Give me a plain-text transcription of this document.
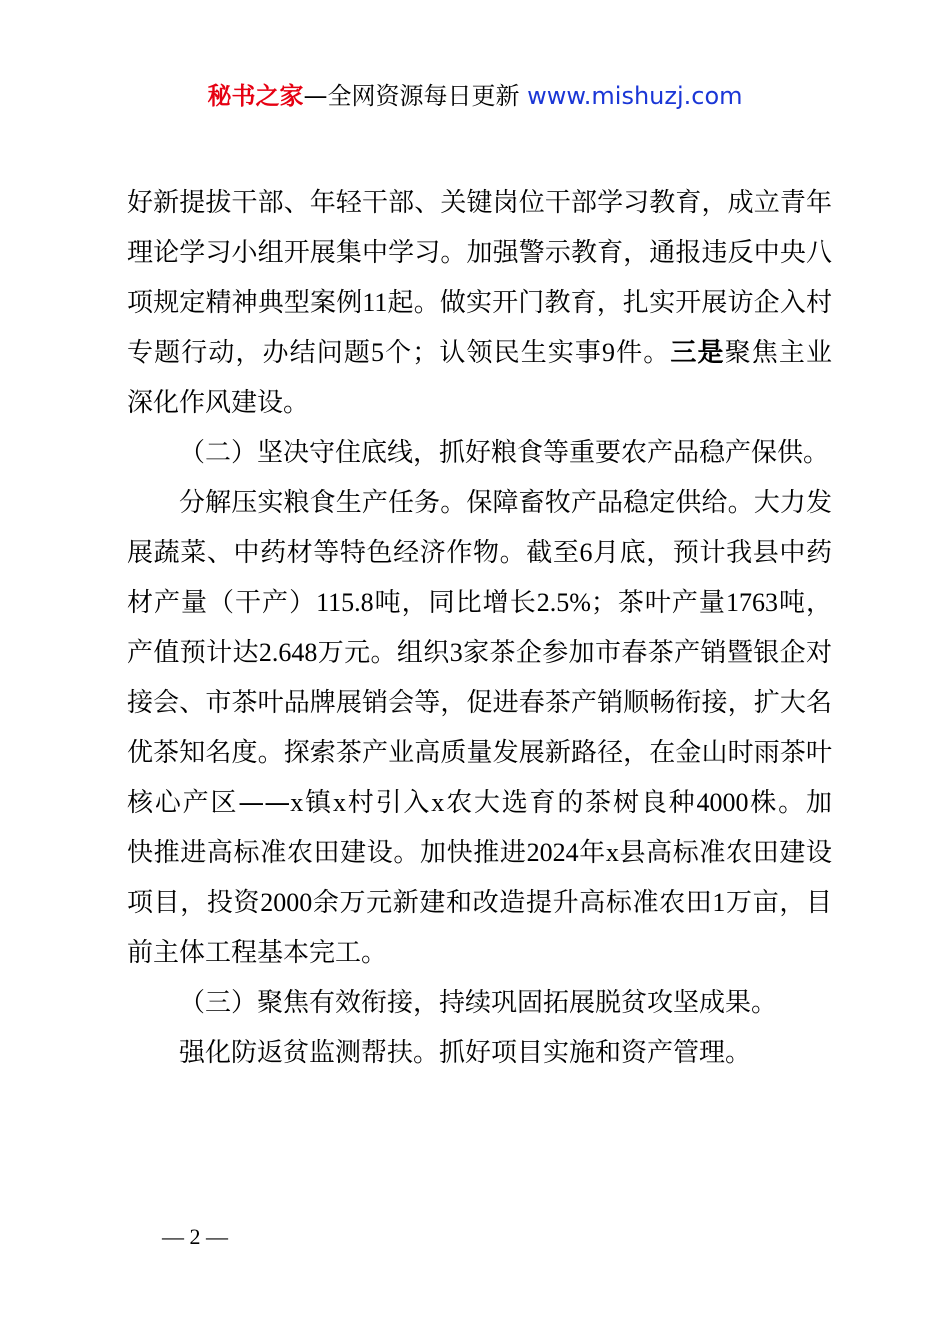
秘书之家—全网资源每日更新 www.mishuzj.com
好新提拔干部、年轻干部、关键岗位干部学习教育，成立青年
理论学习小组开展集中学习。加强警示教育，通报违反中央八
项规定精神典型案例11起。做实开门教育，扎实开展访企入村
专题行动，办结问题5个；认领民生实事9件。三是聚焦主业
深化作风建设。
（二）坚决守住底线，抓好粮食等重要农产品稳产保供。
分解压实粮食生产任务。保障畜牧产品稳定供给。大力发
展蔬菜、中药材等特色经济作物。截至6月底，预计我县中药
材产量（干产）115.8吨，同比增长2.5%；茶叶产量1763吨，
产值预计达2.648万元。组织3家茶企参加市春茶产销暨银企对
接会、市茶叶品牌展销会等，促进春茶产销顺畅衔接，扩大名
优茶知名度。探索茶产业高质量发展新路径，在金山时雨茶叶
核心产区——x镇x村引入x农大选育的茶树良种4000株。加
快推进高标准农田建设。加快推进2024年x县高标准农田建设
项目，投资2000余万元新建和改造提升高标准农田1万亩，目
前主体工程基本完工。
（三）聚焦有效衔接，持续巩固拓展脱贫攻坚成果。
强化防返贫监测帮扶。抓好项目实施和资产管理。
— 2 —
